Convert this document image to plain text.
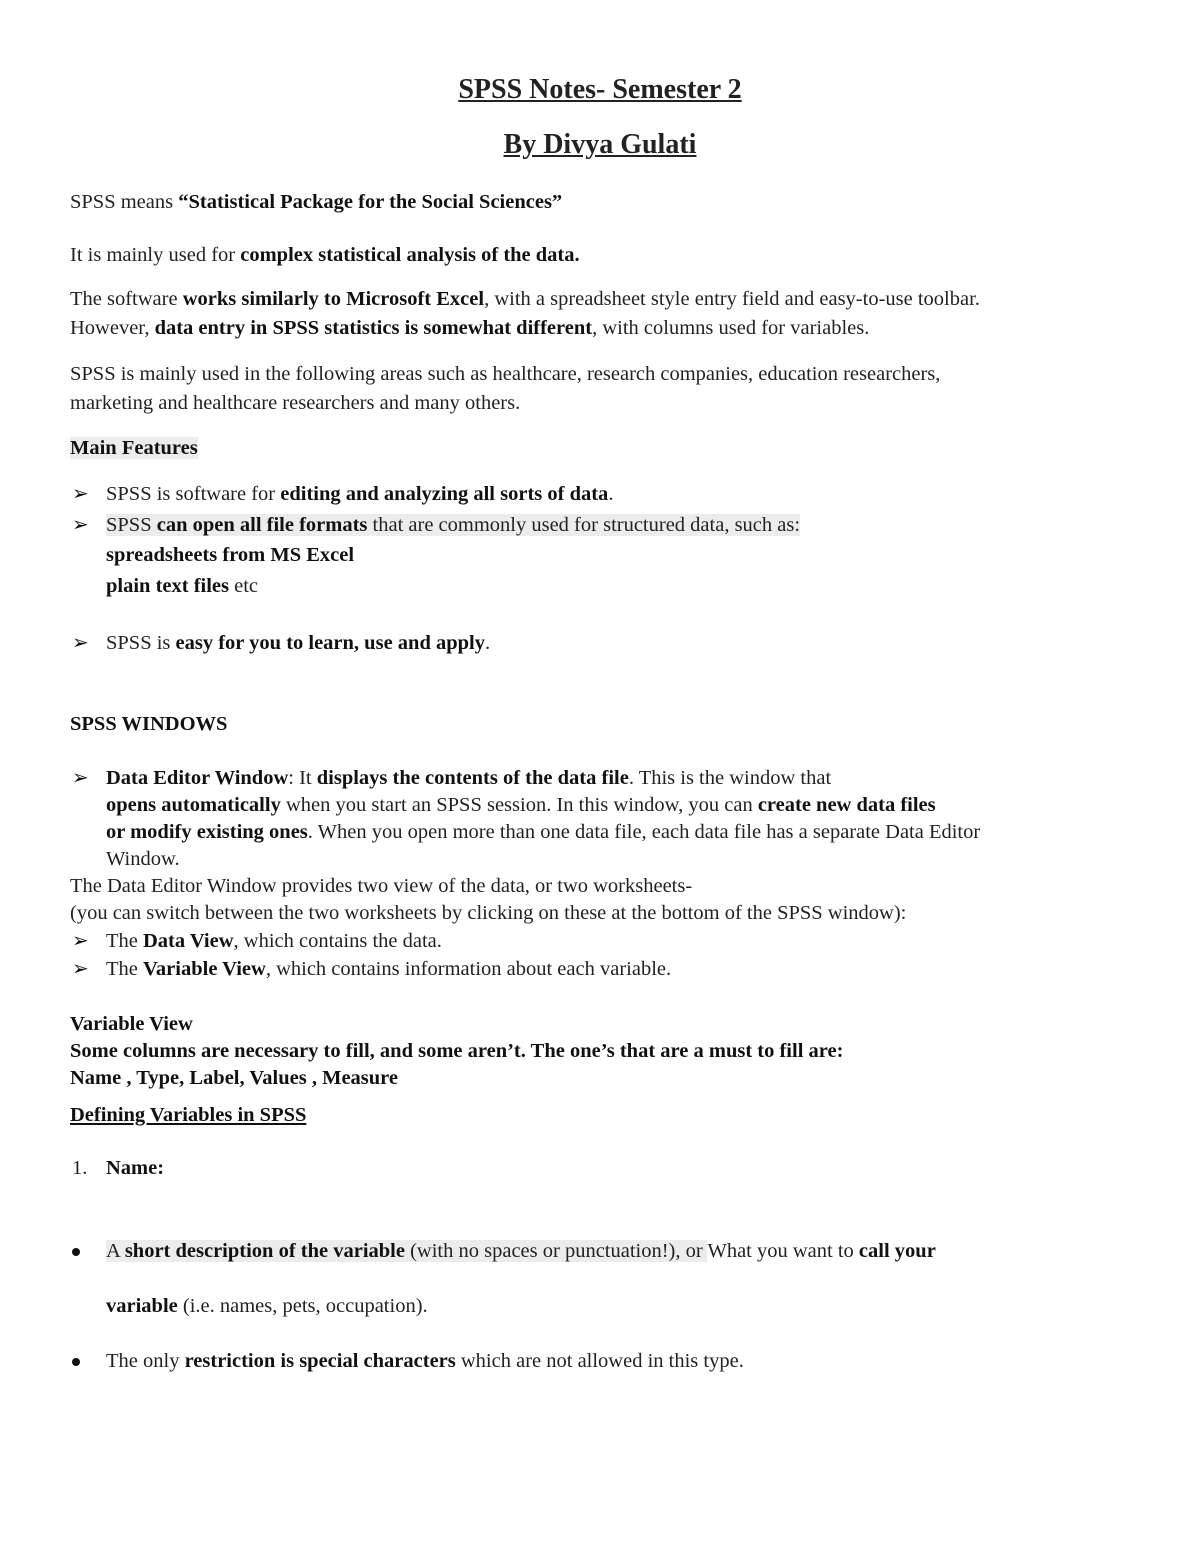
SPSS Notes- Semester 2
By Divya Gulati
SPSS means “Statistical Package for the Social Sciences”
It is mainly used for complex statistical analysis of the data.
The software works similarly to Microsoft Excel, with a spreadsheet style entry field and easy-to-use toolbar.
However, data entry in SPSS statistics is somewhat different, with columns used for variables.
SPSS is mainly used in the following areas such as healthcare, research companies, education researchers,
marketing and healthcare researchers and many others.
Main Features
➢ SPSS is software for editing and analyzing all sorts of data.
➢ SPSS can open all file formats that are commonly used for structured data, such as:
spreadsheets from MS Excel
plain text files etc
➢ SPSS is easy for you to learn, use and apply.
SPSS WINDOWS
➢ Data Editor Window: It displays the contents of the data file. This is the window that
opens automatically when you start an SPSS session. In this window, you can create new data files
or modify existing ones. When you open more than one data file, each data file has a separate Data Editor
Window.
The Data Editor Window provides two view of the data, or two worksheets-
(you can switch between the two worksheets by clicking on these at the bottom of the SPSS window):
➢ The Data View, which contains the data.
➢ The Variable View, which contains information about each variable.
Variable View
Some columns are necessary to fill, and some aren’t. The one’s that are a must to fill are:
Name , Type, Label, Values , Measure
Defining Variables in SPSS
1. Name:
A short description of the variable (with no spaces or punctuation!), or What you want to call your
variable (i.e. names, pets, occupation).
The only restriction is special characters which are not allowed in this type.
